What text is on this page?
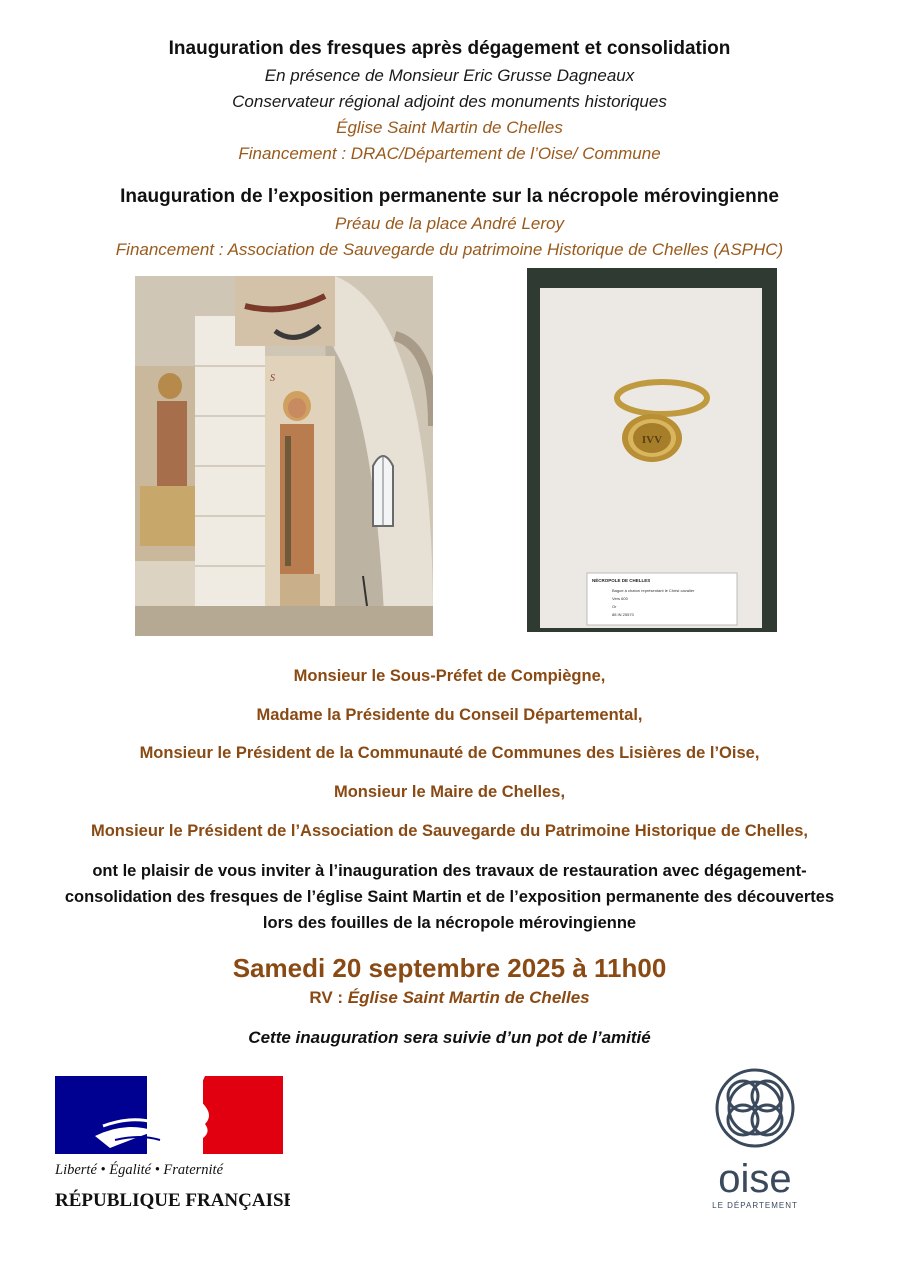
Inauguration des fresques après dégagement et consolidation
En présence de Monsieur Eric Grusse Dagneaux
Conservateur régional adjoint des monuments historiques
Église Saint Martin de Chelles
Financement : DRAC/Département de l’Oise/ Commune
Inauguration de l’exposition permanente sur la nécropole mérovingienne
Préau de la place André Leroy
Financement : Association de Sauvegarde du patrimoine Historique de Chelles (ASPHC)
S
IVV
NÉCROPOLE DE CHELLES
Bague à chaton représentant le Christ cavalier
Vers 600
Or
88 IN 25570
Monsieur le Sous-Préfet de Compiègne,
Madame la Présidente du Conseil Départemental,
Monsieur le Président de la Communauté de Communes des Lisières de l’Oise,
Monsieur le Maire de Chelles,
Monsieur le Président de l’Association de Sauvegarde du Patrimoine Historique de Chelles,
ont le plaisir de vous inviter à l’inauguration des travaux de restauration avec dégagement-
consolidation des fresques de l’église Saint Martin et de l’exposition permanente des découvertes
lors des fouilles de la nécropole mérovingienne
Samedi 20 septembre 2025 à 11h00
RV : Église Saint Martin de Chelles
Cette inauguration sera suivie d’un pot de l’amitié
Liberté • Égalité • Fraternité
RÉPUBLIQUE FRANÇAISE	oise
LE DÉPARTEMENT
